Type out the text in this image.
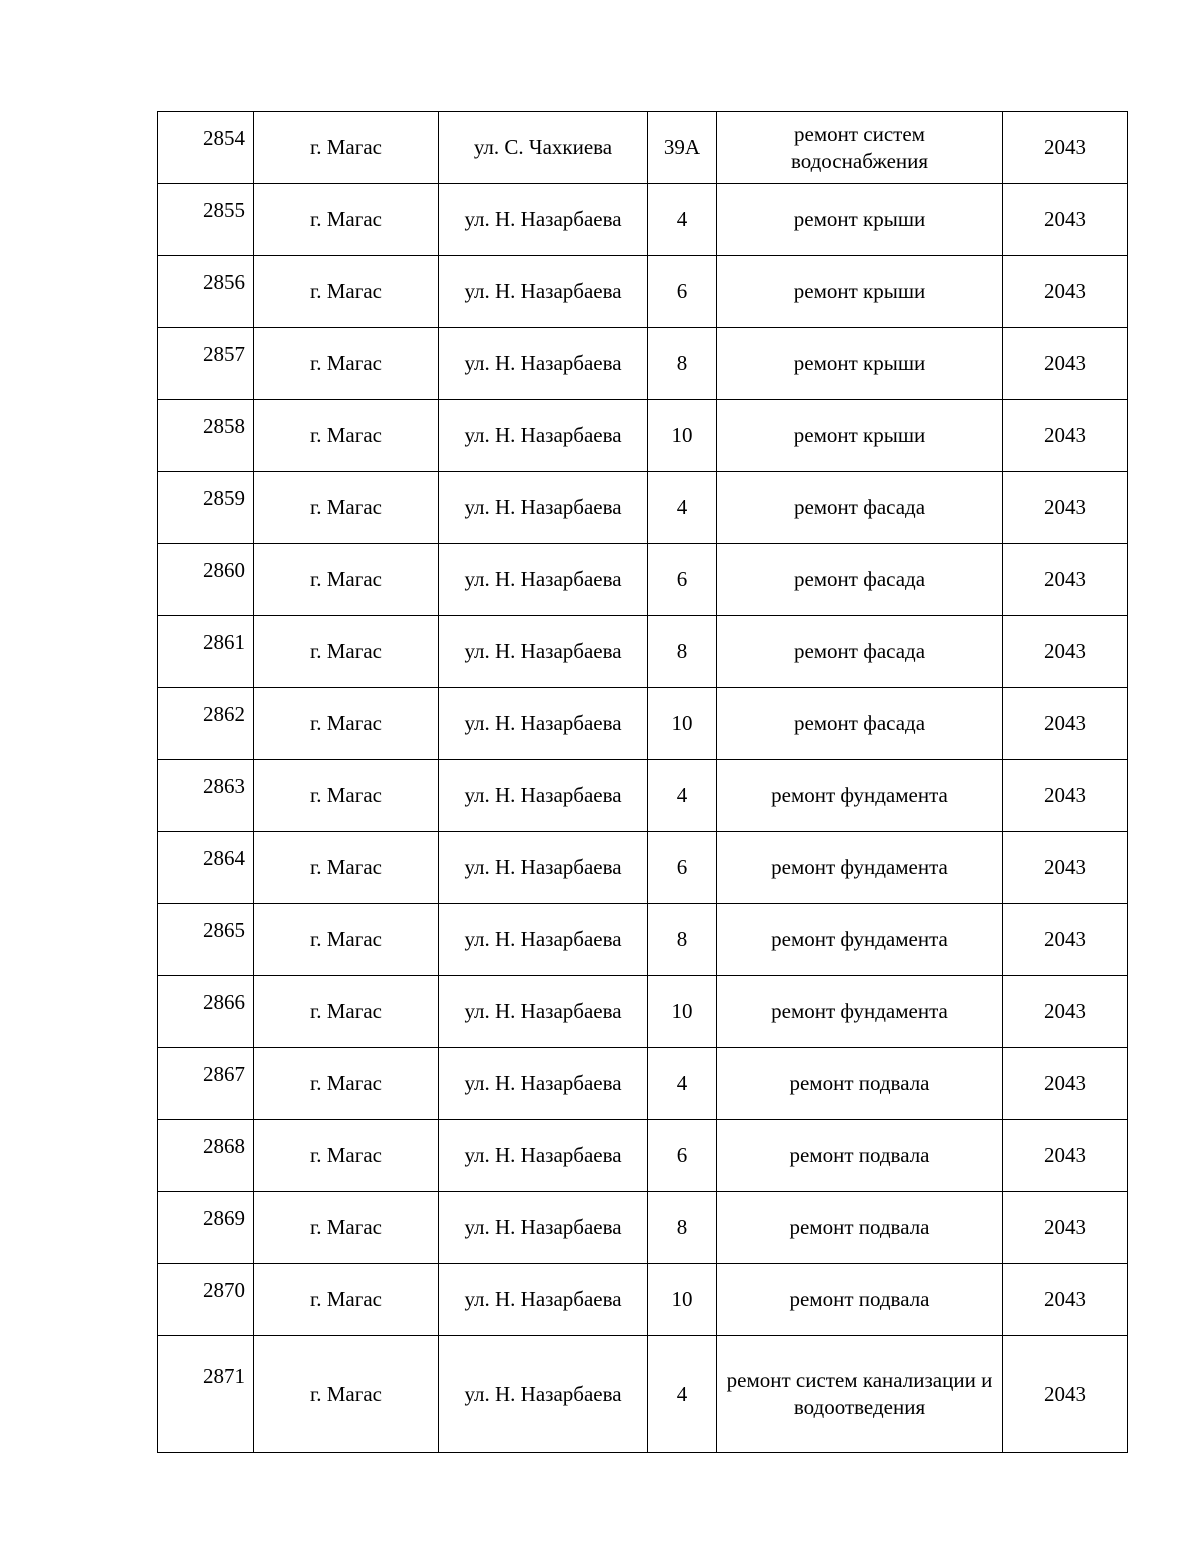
2854	г. Магас	ул. С. Чахкиева	39А	ремонт систем водоснабжения	2043
2855	г. Магас	ул. Н. Назарбаева	4	ремонт крыши	2043
2856	г. Магас	ул. Н. Назарбаева	6	ремонт крыши	2043
2857	г. Магас	ул. Н. Назарбаева	8	ремонт крыши	2043
2858	г. Магас	ул. Н. Назарбаева	10	ремонт крыши	2043
2859	г. Магас	ул. Н. Назарбаева	4	ремонт фасада	2043
2860	г. Магас	ул. Н. Назарбаева	6	ремонт фасада	2043
2861	г. Магас	ул. Н. Назарбаева	8	ремонт фасада	2043
2862	г. Магас	ул. Н. Назарбаева	10	ремонт фасада	2043
2863	г. Магас	ул. Н. Назарбаева	4	ремонт фундамента	2043
2864	г. Магас	ул. Н. Назарбаева	6	ремонт фундамента	2043
2865	г. Магас	ул. Н. Назарбаева	8	ремонт фундамента	2043
2866	г. Магас	ул. Н. Назарбаева	10	ремонт фундамента	2043
2867	г. Магас	ул. Н. Назарбаева	4	ремонт подвала	2043
2868	г. Магас	ул. Н. Назарбаева	6	ремонт подвала	2043
2869	г. Магас	ул. Н. Назарбаева	8	ремонт подвала	2043
2870	г. Магас	ул. Н. Назарбаева	10	ремонт подвала	2043
2871	г. Магас	ул. Н. Назарбаева	4	ремонт систем канализации и водоотведения	2043
